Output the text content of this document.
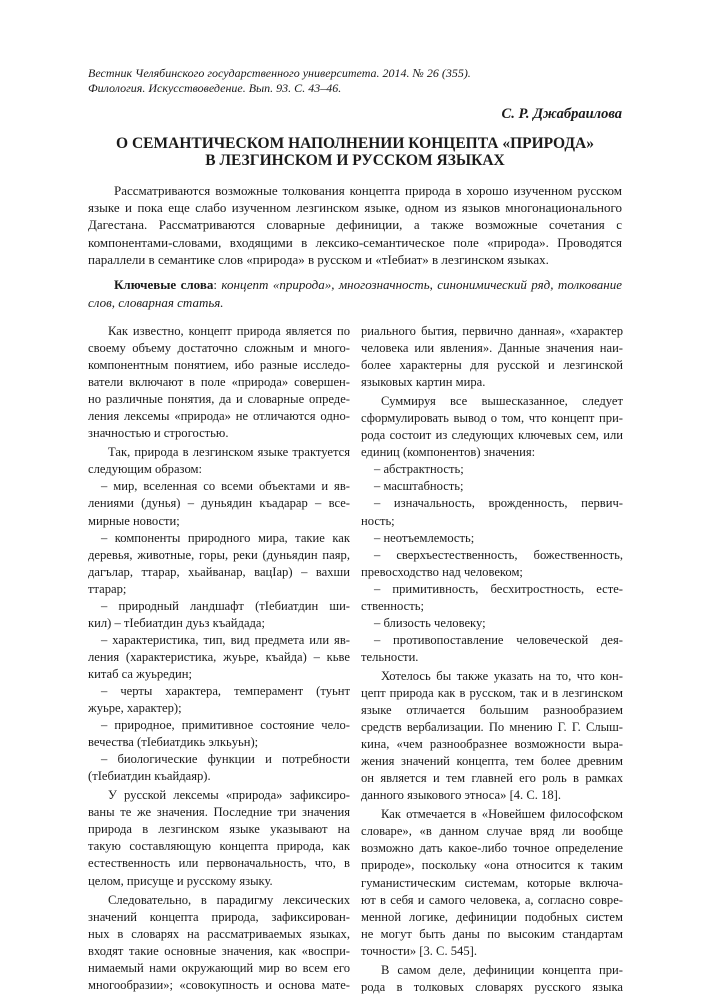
Вестник Челябинского государственного университета. 2014. № 26 (355).
Филология. Искусствоведение. Вып. 93. С. 43–46.
С. Р. Джабраилова
О СЕМАНТИЧЕСКОМ НАПОЛНЕНИИ КОНЦЕПТА «ПРИРОДА»
В ЛЕЗГИНСКОМ И РУССКОМ ЯЗЫКАХ

Рассматриваются возможные толкования концепта природа в хорошо изученном русском языке и пока еще слабо изученном лезгинском языке, одном из языков многонационального Дагестана. Рассматриваются словарные дефиниции, а также возможные сочетания с компонентами-словами, входящими в лексико-семантическое поле «природа». Проводятся параллели в семантике слов «природа» в русском и «тIебиат» в лезгинском языках.

Ключевые слова: концепт «природа», многозначность, синонимический ряд, толкование слов, словарная статья.

Как известно, концепт природа является по
своему объему достаточно сложным и много-
компонентным понятием, ибо разные исследо-
ватели включают в поле «природа» совершен-
но различные понятия, да и словарные опреде-
ления лексемы «природа» не отличаются одно-
значностью и строгостью.
Так, природа в лезгинском языке трактуется
следующим образом:
– мир, вселенная со всеми объектами и яв-
лениями (дунья) – дуньядин къадарар – все-
мирные новости;
– компоненты природного мира, такие как
деревья, животные, горы, реки (дуньядин паяр,
дагълар, ттарар, хьайванар, вацIар) – вахши
ттарар;
– природный ландшафт (тIебиатдин ши-
кил) – тIебиатдин дуьз къайдада;
– характеристика, тип, вид предмета или яв-
ления (характеристика, жуьре, къайда) – кьве
китаб са жуьредин;
– черты характера, темперамент (туьнт
жуьре, характер);
– природное, примитивное состояние чело-
вечества (тIебиатдикь элкьуьн);
– биологические функции и потребности
(тIебиатдин къайдаяр).
У русской лексемы «природа» зафиксиро-
ваны те же значения. Последние три значения
природа в лезгинском языке указывают на
такую составляющую концепта природа, как
естественность или первоначальность, что, в
целом, присуще и русскому языку.
Следовательно, в парадигму лексических
значений концепта природа, зафиксирован-
ных в словарях на рассматриваемых языках,
входят такие основные значения, как «воспри-
нимаемый нами окружающий мир во всем его
многообразии»; «совокупность и основа мате-
риального бытия, первично данная», «характер
человека или явления». Данные значения наи-
более характерны для русской и лезгинской
языковых картин мира.
Суммируя все вышесказанное, следует
сформулировать вывод о том, что концепт при-
рода состоит из следующих ключевых сем, или
единиц (компонентов) значения:
– абстрактность;
– масштабность;
– изначальность, врожденность, первич-
ность;
– неотъемлемость;
– сверхъестественность, божественность,
превосходство над человеком;
– примитивность, бесхитростность, есте-
ственность;
– близость человеку;
– противопоставление человеческой дея-
тельности.
Хотелось бы также указать на то, что кон-
цепт природа как в русском, так и в лезгинском
языке отличается большим разнообразием
средств вербализации. По мнению Г. Г. Слыш-
кина, «чем разнообразнее возможности выра-
жения значений концепта, тем более древним
он является и тем главней его роль в рамках
данного языкового этноса» [4. С. 18].
Как отмечается в «Новейшем философском
словаре», «в данном случае вряд ли вообще
возможно дать какое-либо точное определение
природе», поскольку «она относится к таким
гуманистическим системам, которые включа-
ют в себя и самого человека, а, согласно совре-
менной логике, дефиниции подобных систем
не могут быть даны по высоким стандартам
точности» [3. С. 545].
В самом деле, дефиниции концепта при-
рода в толковых словарях русского языка
